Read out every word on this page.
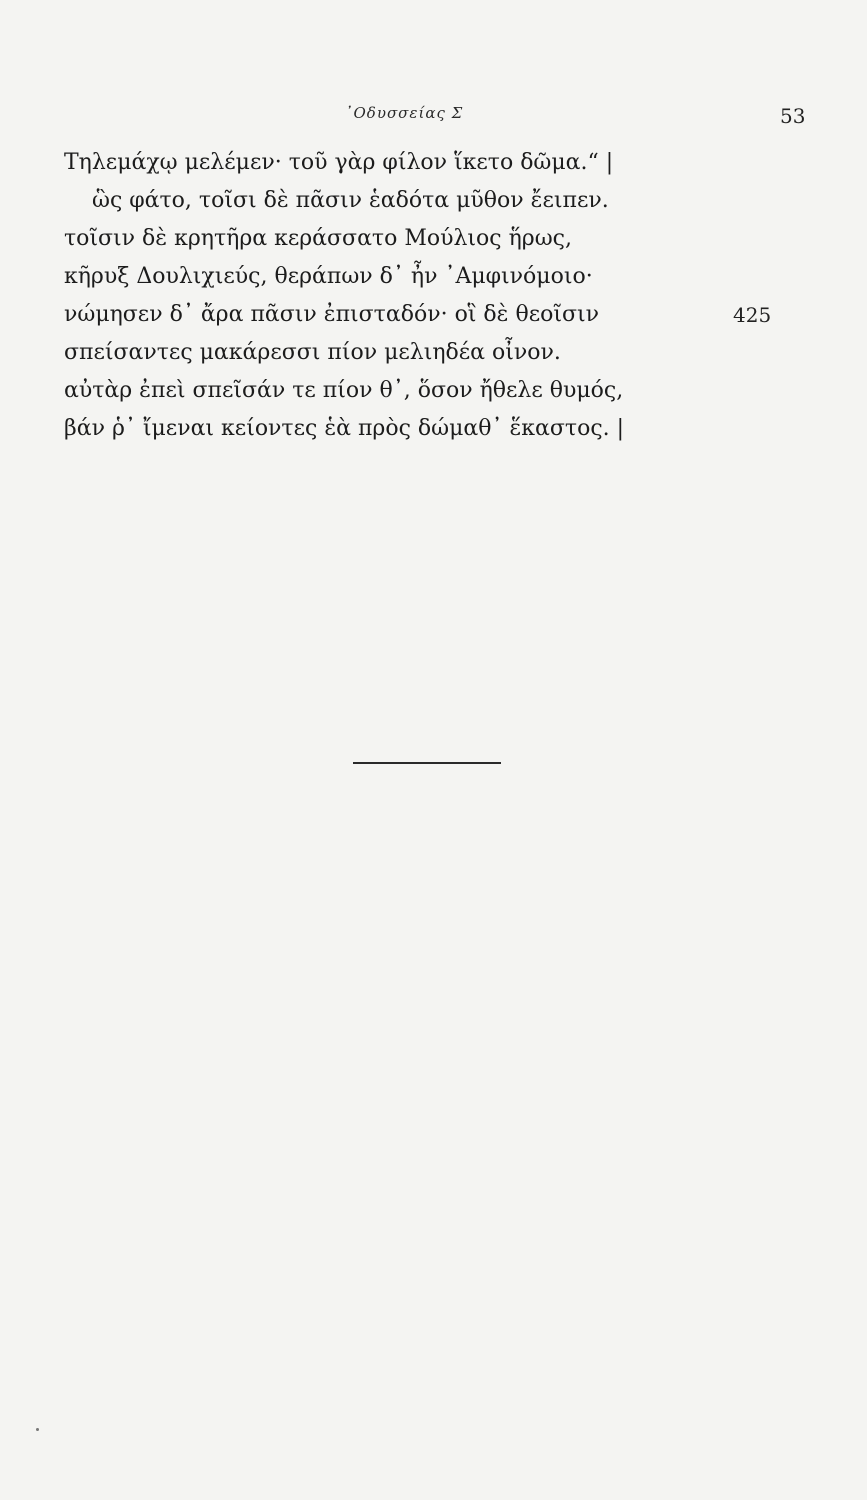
᾿Οδυσσείας Σ	53
Τηλεμάχῳ μελέμεν· τοῦ γὰρ φίλον ἵκετο δῶμα.“ |
ὣς φάτο, τοῖσι δὲ πᾶσιν ἑαδότα μῦθον ἔειπεν.
τοῖσιν δὲ κρητῆρα κεράσσατο Μούλιος ἥρως,
κῆρυξ Δουλιχιεύς, θεράπων δ᾿ ἦν ᾿Αμφινόμοιο·
νώμησεν δ᾿ ἄρα πᾶσιν ἐπισταδόν· οἳ δὲ θεοῖσιν	425
σπείσαντες μακάρεσσι πίον μελιηδέα οἶνον.
αὐτὰρ ἐπεὶ σπεῖσάν τε πίον θ᾿, ὅσον ἤθελε θυμός,
βάν ῥ᾿ ἴμεναι κείοντες ἑὰ πρὸς δώμαθ᾿ ἕκαστος. |
